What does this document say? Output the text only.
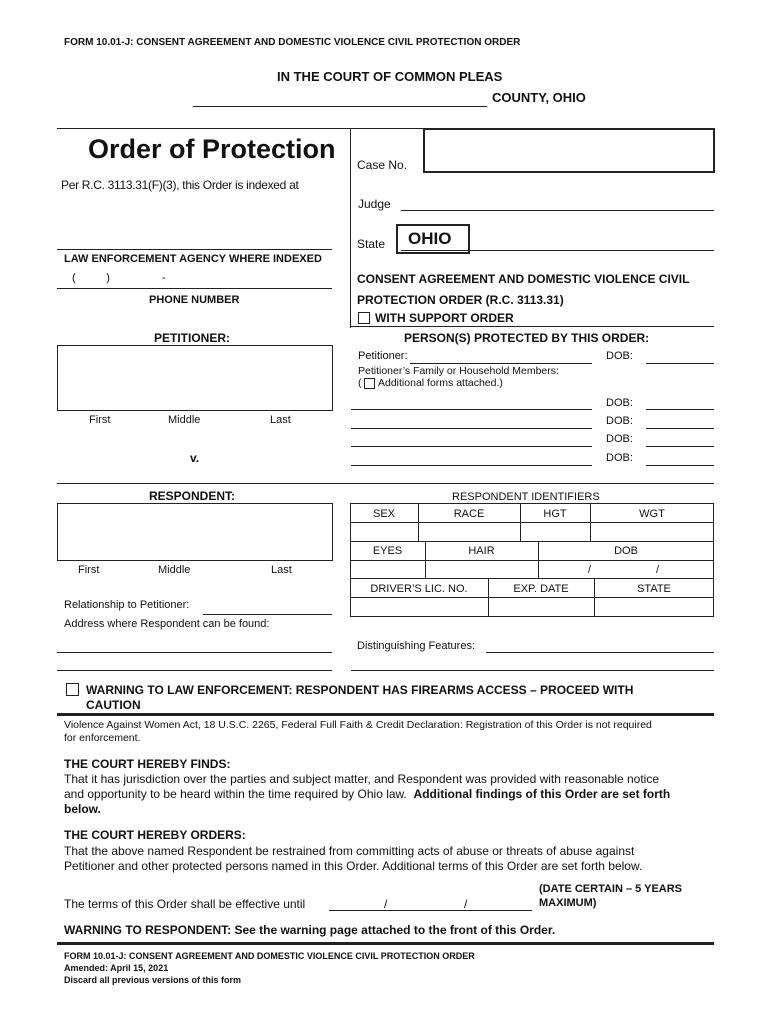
FORM 10.01-J: CONSENT AGREEMENT AND DOMESTIC VIOLENCE CIVIL PROTECTION ORDER
IN THE COURT OF COMMON PLEAS
COUNTY, OHIO
Order of Protection
Per R.C. 3113.31(F)(3), this Order is indexed at
LAW ENFORCEMENT AGENCY WHERE INDEXED
(          )                 -
PHONE NUMBER
Case No.
Judge
State OHIO
CONSENT AGREEMENT AND DOMESTIC VIOLENCE CIVIL
PROTECTION ORDER (R.C. 3113.31)
WITH SUPPORT ORDER
PETITIONER:
First	Middle	Last
v.
PERSON(S) PROTECTED BY THIS ORDER:
Petitioner:	DOB:
Petitioner’s Family or Household Members:
( Additional forms attached.)
DOB:
DOB:
DOB:
DOB:
RESPONDENT:
First	Middle	Last
Relationship to Petitioner:
Address where Respondent can be found:
RESPONDENT IDENTIFIERS
SEX	RACE	HGT	WGT
EYES	HAIR	DOB
/	/
DRIVER’S LIC. NO.	EXP. DATE	STATE
Distinguishing Features:
WARNING TO LAW ENFORCEMENT: RESPONDENT HAS FIREARMS ACCESS – PROCEED WITH
CAUTION
Violence Against Women Act, 18 U.S.C. 2265, Federal Full Faith & Credit Declaration: Registration of this Order is not required
for enforcement.
THE COURT HEREBY FINDS:
That it has jurisdiction over the parties and subject matter, and Respondent was provided with reasonable notice
and opportunity to be heard within the time required by Ohio law. Additional findings of this Order are set forth
below.
THE COURT HEREBY ORDERS:
That the above named Respondent be restrained from committing acts of abuse or threats of abuse against
Petitioner and other protected persons named in this Order. Additional terms of this Order are set forth below.
The terms of this Order shall be effective until	/	/
(DATE CERTAIN – 5 YEARS
MAXIMUM)
WARNING TO RESPONDENT: See the warning page attached to the front of this Order.
FORM 10.01-J: CONSENT AGREEMENT AND DOMESTIC VIOLENCE CIVIL PROTECTION ORDER
Amended: April 15, 2021
Discard all previous versions of this form
